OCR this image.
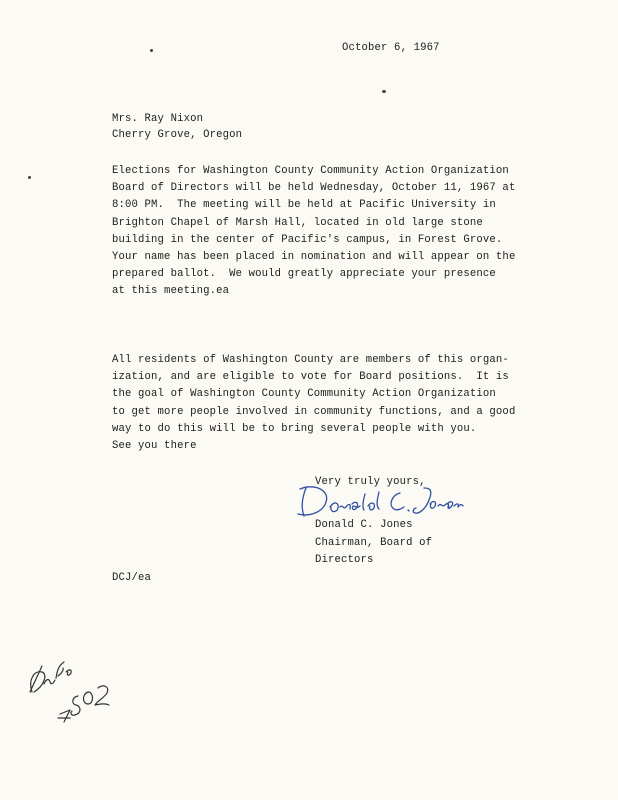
October 6, 1967
Mrs. Ray Nixon
Cherry Grove, Oregon
Elections for Washington County Community Action Organization
Board of Directors will be held Wednesday, October 11, 1967 at
8:00 PM.  The meeting will be held at Pacific University in
Brighton Chapel of Marsh Hall, located in old large stone
building in the center of Pacific's campus, in Forest Grove.
Your name has been placed in nomination and will appear on the
prepared ballot.  We would greatly appreciate your presence
at this meeting.ea
All residents of Washington County are members of this organ-
ization, and are eligible to vote for Board positions.  It is
the goal of Washington County Community Action Organization
to get more people involved in community functions, and a good
way to do this will be to bring several people with you.
See you there
Very truly yours,
Donald C. Jones
Chairman, Board of
Directors
DCJ/ea
